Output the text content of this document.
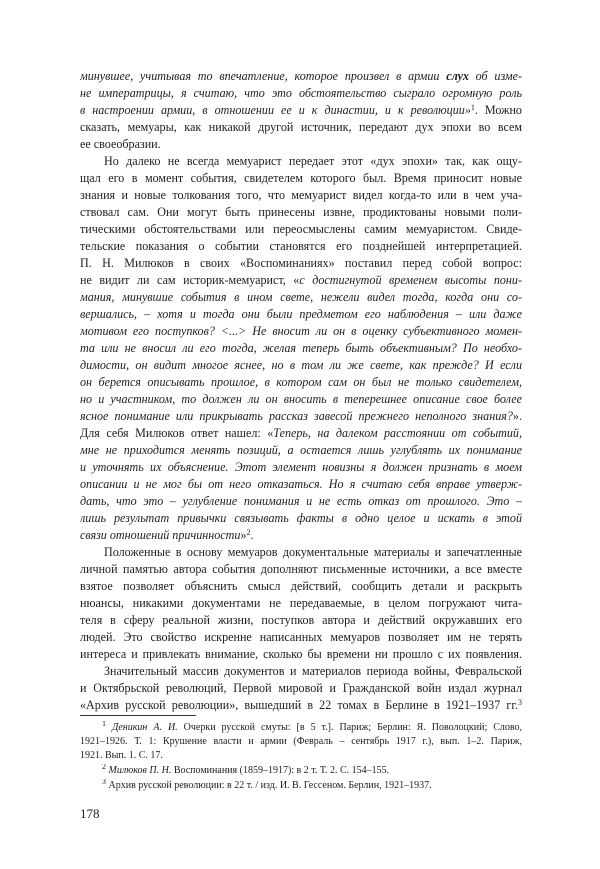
минувшее, учитывая то впечатление, которое произвел в армии слух об изме-
не императрицы, я считаю, что это обстоятельство сыграло огромную роль
в настроении армии, в отношении ее и к династии, и к революции»$^1$. Можно
сказать, мемуары, как никакой другой источник, передают дух эпохи во всем
ее своеобразии.
Но далеко не всегда мемуарист передает этот «дух эпохи» так, как ощу-
щал его в момент события, свидетелем которого был. Время приносит новые
знания и новые толкования того, что мемуарист видел когда-то или в чем уча-
ствовал сам. Они могут быть принесены извне, продиктованы новыми поли-
тическими обстоятельствами или переосмыслены самим мемуаристом. Свиде-
тельские показания о событии становятся его позднейшей интерпретацией.
П. Н. Милюков в своих «Воспоминаниях» поставил перед собой вопрос:
не видит ли сам историк-мемуарист, «с достигнутой временем высоты пони-
мания, минувшие события в ином свете, нежели видел тогда, когда они со-
вершались, – хотя и тогда они были предметом его наблюдения – или даже
мотивом его поступков? <...> Не вносит ли он в оценку субъективного момен-
та или не вносил ли его тогда, желая теперь быть объективным? По необхо-
димости, он видит многое яснее, но в том ли же свете, как прежде? И если
он берется описывать прошлое, в котором сам он был не только свидетелем,
но и участником, то должен ли он вносить в теперешнее описание свое более
ясное понимание или прикрывать рассказ завесой прежнего неполного знания?».
Для себя Милюков ответ нашел: «Теперь, на далеком расстоянии от событий,
мне не приходится менять позиций, а остается лишь углублять их понимание
и уточнять их объяснение. Этот элемент новизны я должен признать в моем
описании и не мог бы от него отказаться. Но я считаю себя вправе утверж-
дать, что это – углубление понимания и не есть отказ от прошлого. Это –
лишь результат привычки связывать факты в одно целое и искать в этой
связи отношений причинности»$^2$.
Положенные в основу мемуаров документальные материалы и запечатленные
личной памятью автора события дополняют письменные источники, а все вместе
взятое позволяет объяснить смысл действий, сообщить детали и раскрыть
нюансы, никакими документами не передаваемые, в целом погружают чита-
теля в сферу реальной жизни, поступков автора и действий окружавших его
людей. Это свойство искренне написанных мемуаров позволяет им не терять
интереса и привлекать внимание, сколько бы времени ни прошло с их появления.
Значительный массив документов и материалов периода войны, Февральской
и Октябрьской революций, Первой мировой и Гражданской войн издал журнал
«Архив русской революции», вышедший в 22 томах в Берлине в 1921–1937 гг.$^3$
$^1$ Деникин А. И. Очерки русской смуты: [в 5 т.]. Париж; Берлин: Я. Поволоцкий; Слово,
1921–1926. Т. 1: Крушение власти и армии (Февраль – сентябрь 1917 г.), вып. 1–2. Париж,
1921. Вып. 1. С. 17.
$^2$ Милюков П. Н. Воспоминания (1859–1917): в 2 т. Т. 2. С. 154–155.
$^3$ Архив русской революции: в 22 т. / изд. И. В. Гессеном. Берлин, 1921–1937.
178
